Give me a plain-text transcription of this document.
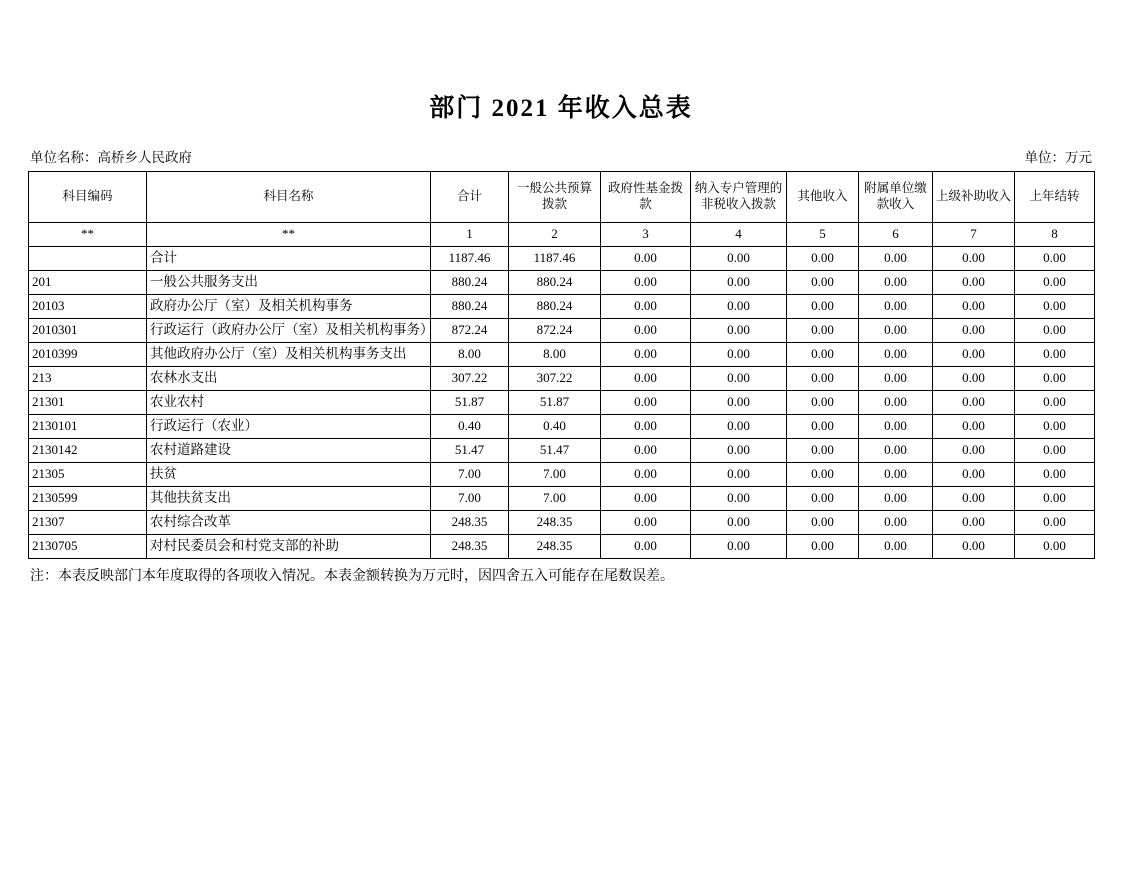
部门 2021 年收入总表
单位名称：高桥乡人民政府	单位：万元
科目编码	科目名称	合计	一般公共预算拨款	政府性基金拨款	纳入专户管理的非税收入拨款	其他收入	附属单位缴款收入	上级补助收入	上年结转
**	**	1	2	3	4	5	6	7	8
	合计	1187.46	1187.46	0.00	0.00	0.00	0.00	0.00	0.00
201	一般公共服务支出	880.24	880.24	0.00	0.00	0.00	0.00	0.00	0.00
20103	政府办公厅（室）及相关机构事务	880.24	880.24	0.00	0.00	0.00	0.00	0.00	0.00
2010301	行政运行（政府办公厅（室）及相关机构事务）	872.24	872.24	0.00	0.00	0.00	0.00	0.00	0.00
2010399	其他政府办公厅（室）及相关机构事务支出	8.00	8.00	0.00	0.00	0.00	0.00	0.00	0.00
213	农林水支出	307.22	307.22	0.00	0.00	0.00	0.00	0.00	0.00
21301	农业农村	51.87	51.87	0.00	0.00	0.00	0.00	0.00	0.00
2130101	行政运行（农业）	0.40	0.40	0.00	0.00	0.00	0.00	0.00	0.00
2130142	农村道路建设	51.47	51.47	0.00	0.00	0.00	0.00	0.00	0.00
21305	扶贫	7.00	7.00	0.00	0.00	0.00	0.00	0.00	0.00
2130599	其他扶贫支出	7.00	7.00	0.00	0.00	0.00	0.00	0.00	0.00
21307	农村综合改革	248.35	248.35	0.00	0.00	0.00	0.00	0.00	0.00
2130705	对村民委员会和村党支部的补助	248.35	248.35	0.00	0.00	0.00	0.00	0.00	0.00
注：本表反映部门本年度取得的各项收入情况。本表金额转换为万元时，因四舍五入可能存在尾数误差。
